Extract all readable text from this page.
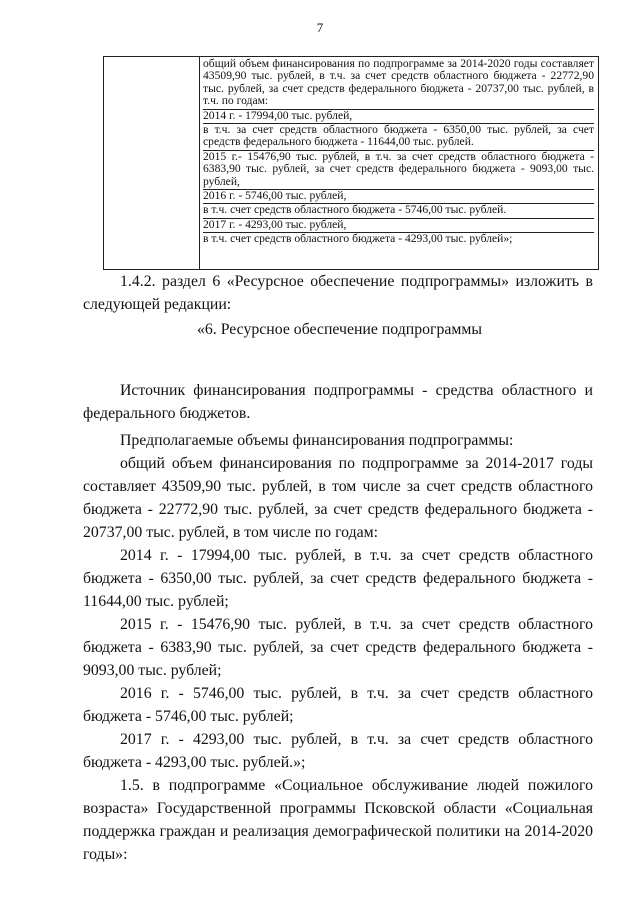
7
общий объем финансирования по подпрограмме за 2014-2020 годы составляет 43509,90 тыс. рублей, в т.ч. за счет средств областного бюджета - 22772,90 тыс. рублей, за счет средств федерального бюджета - 20737,00 тыс. рублей, в т.ч. по годам:
2014 г. - 17994,00 тыс. рублей,
в т.ч. за счет средств областного бюджета - 6350,00 тыс. рублей, за счет средств федерального бюджета - 11644,00 тыс. рублей.
2015 г.- 15476,90 тыс. рублей, в т.ч. за счет средств областного бюджета - 6383,90 тыс. рублей, за счет средств федерального бюджета - 9093,00 тыс. рублей,
2016 г. - 5746,00 тыс. рублей,
в т.ч. счет средств областного бюджета - 5746,00 тыс. рублей.
2017 г. - 4293,00 тыс. рублей,
в т.ч. счет средств областного бюджета - 4293,00 тыс. рублей»;

1.4.2. раздел 6 «Ресурсное обеспечение подпрограммы» изложить в следующей редакции:

«6. Ресурсное обеспечение подпрограммы

Источник финансирования подпрограммы - средства областного и федерального бюджетов.

Предполагаемые объемы финансирования подпрограммы:

общий объем финансирования по подпрограмме за 2014-2017 годы составляет 43509,90 тыс. рублей, в том числе за счет средств областного бюджета - 22772,90 тыс. рублей, за счет средств федерального бюджета - 20737,00 тыс. рублей, в том числе по годам:

2014 г. - 17994,00 тыс. рублей, в т.ч. за счет средств областного бюджета - 6350,00 тыс. рублей, за счет средств федерального бюджета - 11644,00 тыс. рублей;

2015 г. - 15476,90 тыс. рублей, в т.ч. за счет средств областного бюджета - 6383,90 тыс. рублей, за счет средств федерального бюджета - 9093,00 тыс. рублей;

2016 г. - 5746,00 тыс. рублей, в т.ч. за счет средств областного бюджета - 5746,00 тыс. рублей;

2017 г. - 4293,00 тыс. рублей, в т.ч. за счет средств областного бюджета - 4293,00 тыс. рублей.»;

1.5. в подпрограмме «Социальное обслуживание людей пожилого возраста» Государственной программы Псковской области «Социальная поддержка граждан и реализация демографической политики на 2014-2020 годы»:
